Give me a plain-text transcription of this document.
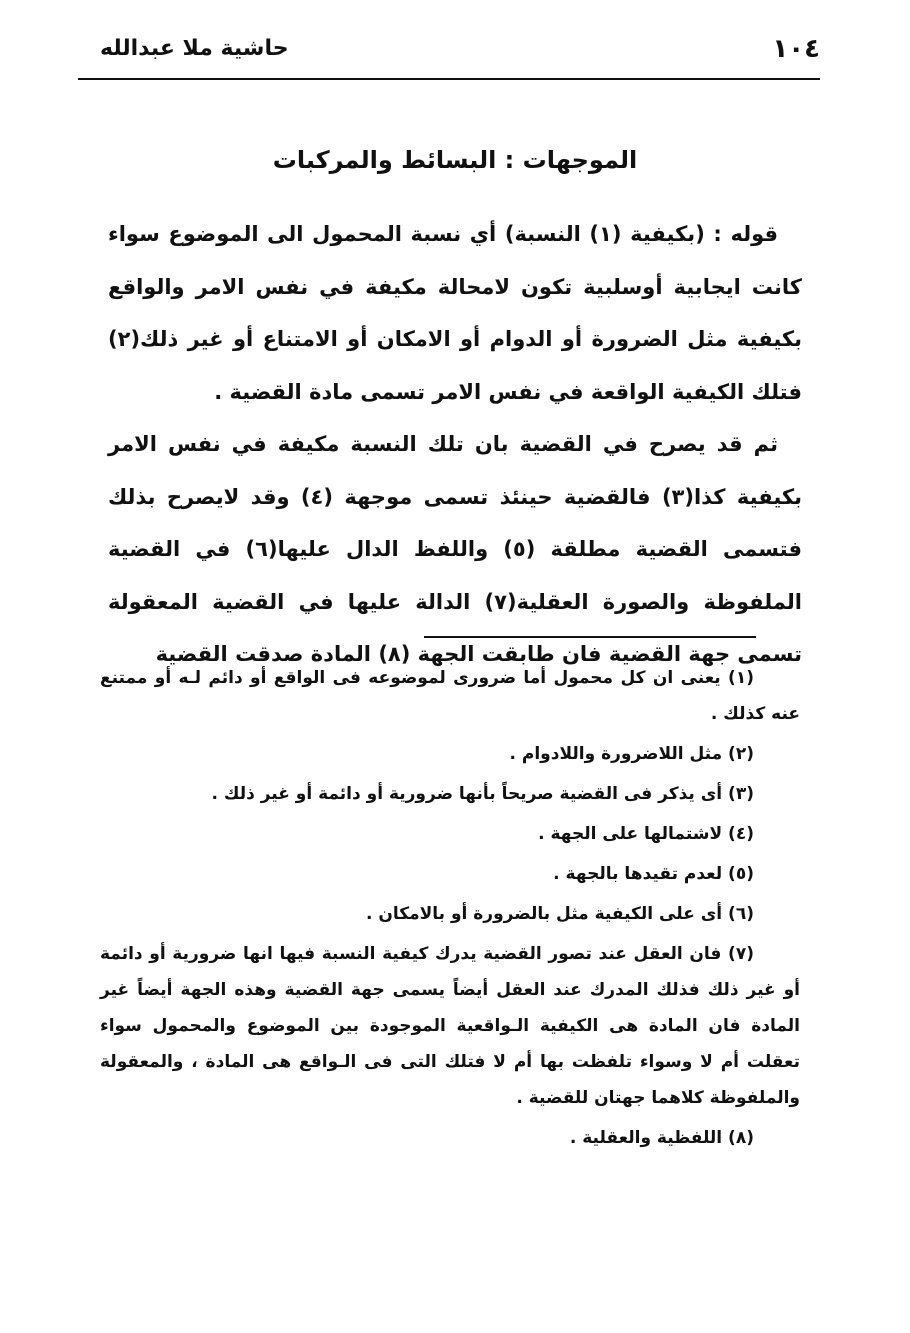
١٠٤
حاشية ملا عبدالله
الموجهات : البسائط والمركبات

قوله : (بكيفية (١) النسبة) أي نسبة المحمول الى الموضوع سواء كانت ايجابية أوسلبية تكون لامحالة مكيفة في نفس الامر والواقع بكيفية مثل الضرورة أو الدوام أو الامكان أو الامتناع أو غير ذلك(٢) فتلك الكيفية الواقعة في نفس الامر تسمى مادة القضية .

ثم قد يصرح في القضية بان تلك النسبة مكيفة في نفس الامر بكيفية كذا(٣) فالقضية حينئذ تسمى موجهة (٤) وقد لايصرح بذلك فتسمى القضية مطلقة (٥) واللفظ الدال عليها(٦) في القضية الملفوظة والصورة العقلية(٧) الدالة عليها في القضية المعقولة تسمى جهة القضية فان طابقت الجهة (٨) المادة صدقت القضية

(١) يعنى ان كل محمول أما ضرورى لموضوعه فى الواقع أو دائم لـه أو ممتنع عنه كذلك .

(٢) مثل اللاضرورة واللادوام .

(٣) أى يذكر فى القضية صريحاً بأنها ضرورية أو دائمة أو غير ذلك .

(٤) لاشتمالها على الجهة .

(٥) لعدم تقيدها بالجهة .

(٦) أى على الكيفية مثل بالضرورة أو بالامكان .

(٧) فان العقل عند تصور القضية يدرك كيفية النسبة فيها انها ضرورية أو دائمة أو غير ذلك فذلك المدرك عند العقل أيضاً يسمى جهة القضية وهذه الجهة أيضاً غير المادة فان المادة هى الكيفية الـواقعية الموجودة بين الموضوع والمحمول سواء تعقلت أم لا وسواء تلفظت بها أم لا فتلك التى فى الـواقع هى المادة ، والمعقولة والملفوظة كلاهما جهتان للقضية .

(٨) اللفظية والعقلية .
